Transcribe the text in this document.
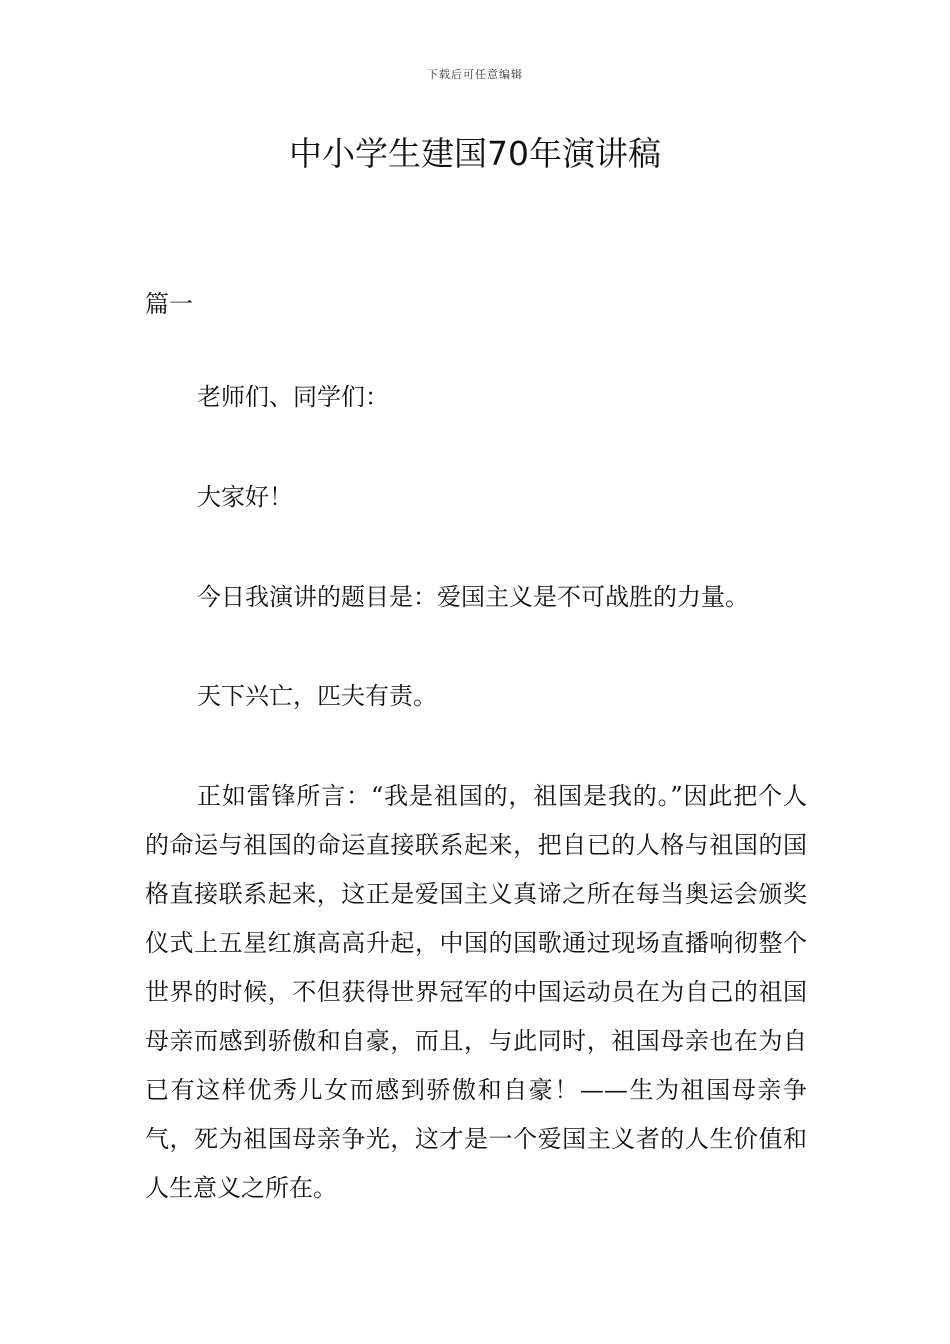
下载后可任意编辑
中小学生建国70年演讲稿
篇一

老师们、同学们：

大家好！

今日我演讲的题目是：爱国主义是不可战胜的力量。

天下兴亡，匹夫有责。

正如雷锋所言：“我是祖国的，祖国是我的。”因此把个人的命运与祖国的命运直接联系起来，把自已的人格与祖国的国格直接联系起来，这正是爱国主义真谛之所在每当奥运会颁奖仪式上五星红旗高高升起，中国的国歌通过现场直播响彻整个世界的时候，不但获得世界冠军的中国运动员在为自己的祖国母亲而感到骄傲和自豪，而且，与此同时，祖国母亲也在为自已有这样优秀儿女而感到骄傲和自豪！——生为祖国母亲争气，死为祖国母亲争光，这才是一个爱国主义者的人生价值和人生意义之所在。
